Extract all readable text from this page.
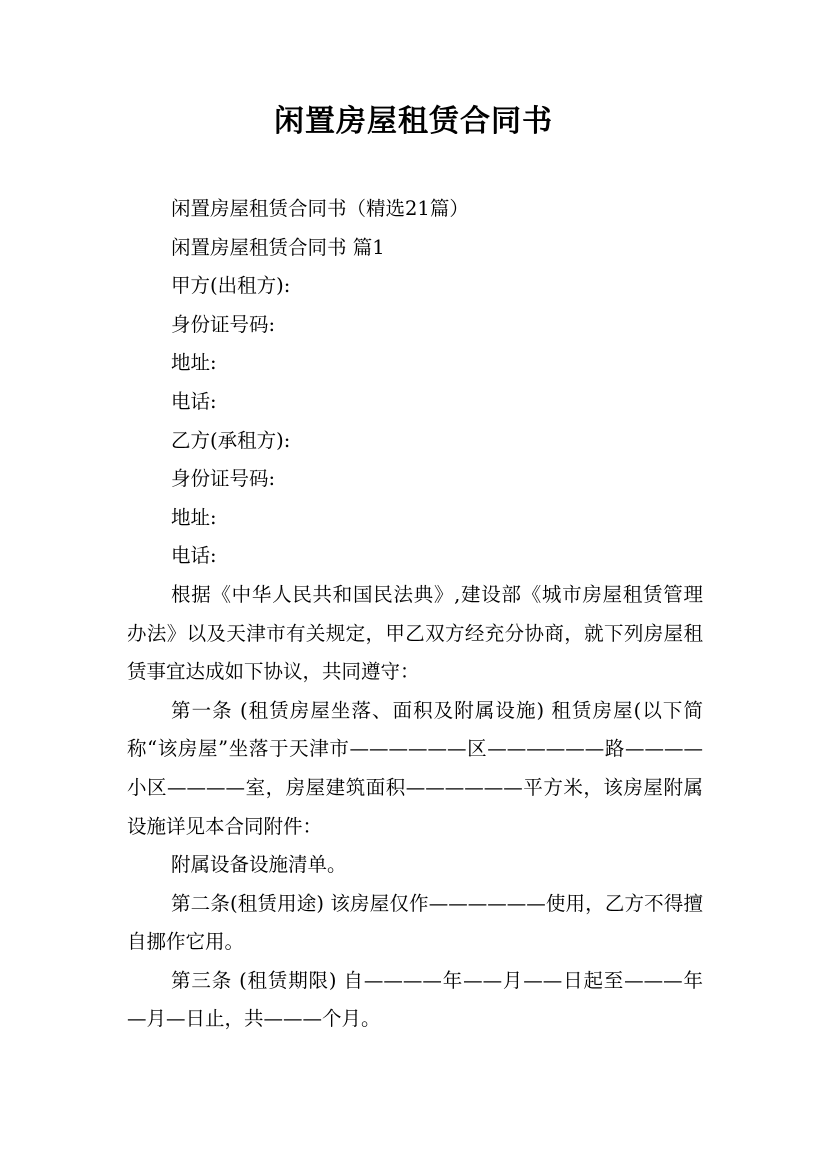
闲置房屋租赁合同书

闲置房屋租赁合同书（精选21篇）

闲置房屋租赁合同书 篇1

甲方(出租方):

身份证号码:

地址:

电话:

乙方(承租方):

身份证号码:

地址:

电话:

根据《中华人民共和国民法典》,建设部《城市房屋租赁管理办法》以及天津市有关规定，甲乙双方经充分协商，就下列房屋租赁事宜达成如下协议，共同遵守：

第一条 (租赁房屋坐落、面积及附属设施) 租赁房屋(以下简称“该房屋”坐落于天津市——————区——————路————小区————室，房屋建筑面积——————平方米，该房屋附属设施详见本合同附件：

附属设备设施清单。

第二条(租赁用途) 该房屋仅作——————使用，乙方不得擅自挪作它用。

第三条 (租赁期限) 自————年——月——日起至———年—月—日止，共———个月。
